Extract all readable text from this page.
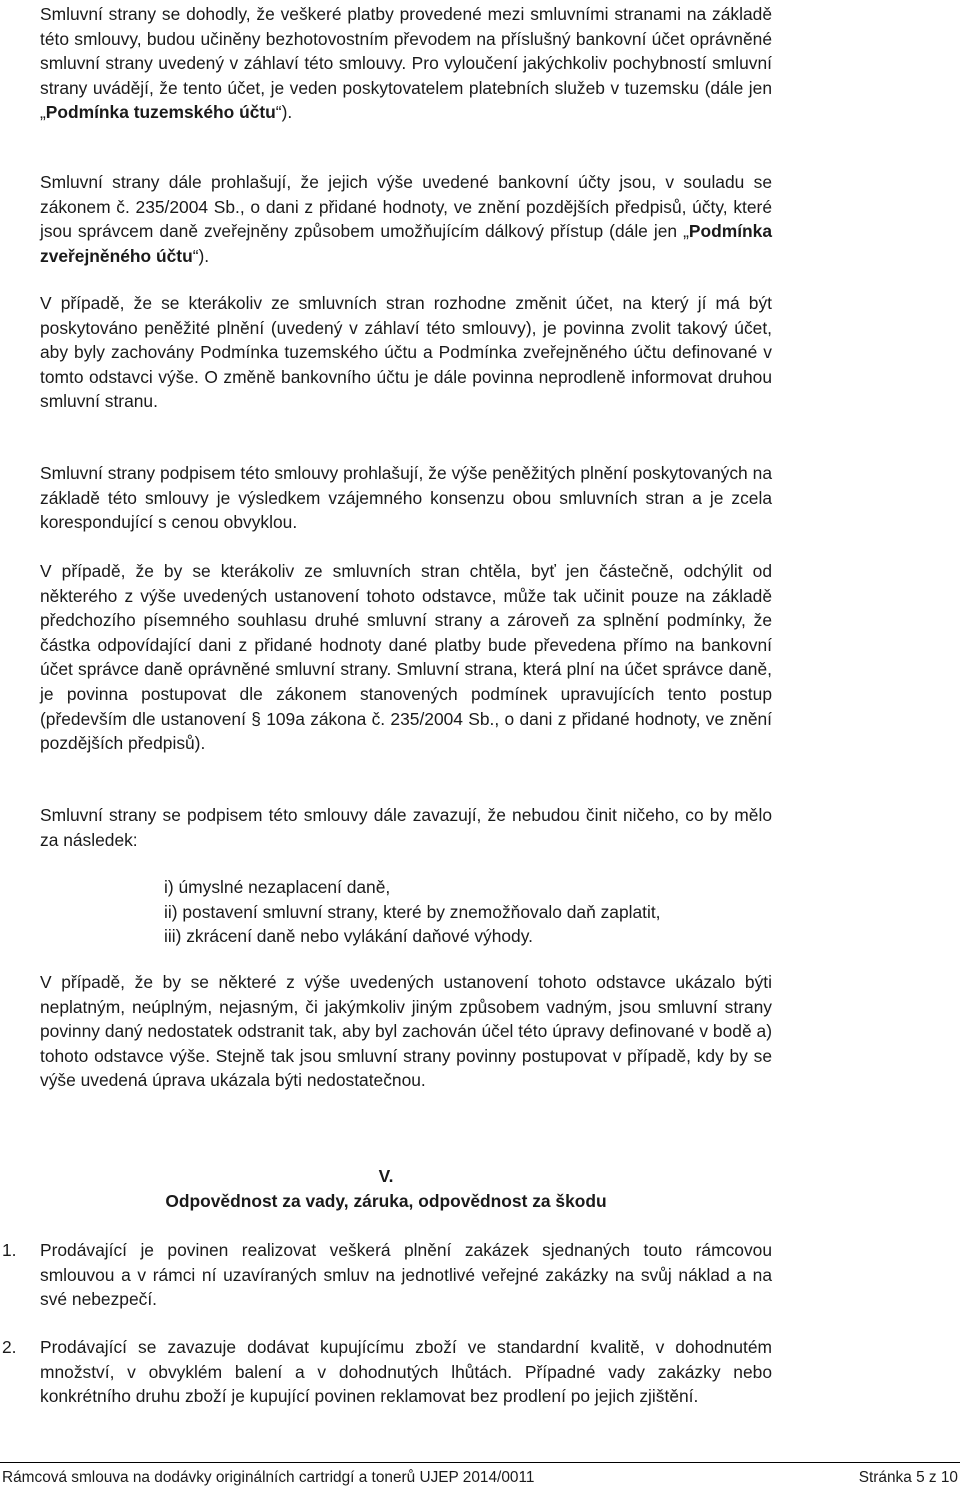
Smluvní strany se dohodly, že veškeré platby provedené mezi smluvními stranami na základě této smlouvy, budou učiněny bezhotovostním převodem na příslušný bankovní účet oprávněné smluvní strany uvedený v záhlaví této smlouvy. Pro vyloučení jakýchkoliv pochybností smluvní strany uvádějí, že tento účet, je veden poskytovatelem platebních služeb v tuzemsku (dále jen „Podmínka tuzemského účtu“).

Smluvní strany dále prohlašují, že jejich výše uvedené bankovní účty jsou, v souladu se zákonem č. 235/2004 Sb., o dani z přidané hodnoty, ve znění pozdějších předpisů, účty, které jsou správcem daně zveřejněny způsobem umožňujícím dálkový přístup (dále jen „Podmínka zveřejněného účtu“).

V případě, že se kterákoliv ze smluvních stran rozhodne změnit účet, na který jí má být poskytováno peněžité plnění (uvedený v záhlaví této smlouvy), je povinna zvolit takový účet, aby byly zachovány Podmínka tuzemského účtu a Podmínka zveřejněného účtu definované v tomto odstavci výše. O změně bankovního účtu je dále povinna neprodleně informovat druhou smluvní stranu.

Smluvní strany podpisem této smlouvy prohlašují, že výše peněžitých plnění poskytovaných na základě této smlouvy je výsledkem vzájemného konsenzu obou smluvních stran a je zcela korespondující s cenou obvyklou.

V případě, že by se kterákoliv ze smluvních stran chtěla, byť jen částečně, odchýlit od některého z výše uvedených ustanovení tohoto odstavce, může tak učinit pouze na základě předchozího písemného souhlasu druhé smluvní strany a zároveň za splnění podmínky, že částka odpovídající dani z přidané hodnoty dané platby bude převedena přímo na bankovní účet správce daně oprávněné smluvní strany. Smluvní strana, která plní na účet správce daně, je povinna postupovat dle zákonem stanovených podmínek upravujících tento postup (především dle ustanovení § 109a zákona č. 235/2004 Sb., o dani z přidané hodnoty, ve znění pozdějších předpisů).

Smluvní strany se podpisem této smlouvy dále zavazují, že nebudou činit ničeho, co by mělo za následek:

i) úmyslné nezaplacení daně,
ii) postavení smluvní strany, které by znemožňovalo daň zaplatit,
iii) zkrácení daně nebo vylákání daňové výhody.

V případě, že by se některé z výše uvedených ustanovení tohoto odstavce ukázalo býti neplatným, neúplným, nejasným, či jakýmkoliv jiným způsobem vadným, jsou smluvní strany povinny daný nedostatek odstranit tak, aby byl zachován účel této úpravy definované v bodě a) tohoto odstavce výše. Stejně tak jsou smluvní strany povinny postupovat v případě, kdy by se výše uvedená úprava ukázala býti nedostatečnou.

V.
Odpovědnost za vady, záruka, odpovědnost za škodu
1. Prodávající je povinen realizovat veškerá plnění zakázek sjednaných touto rámcovou smlouvou a v rámci ní uzavíraných smluv na jednotlivé veřejné zakázky na svůj náklad a na své nebezpečí.

2. Prodávající se zavazuje dodávat kupujícímu zboží ve standardní kvalitě, v dohodnutém množství, v obvyklém balení a v dohodnutých lhůtách. Případné vady zakázky nebo konkrétního druhu zboží je kupující povinen reklamovat bez prodlení po jejich zjištění.

Rámcová smlouva na dodávky originálních cartridgí a tonerů UJEP 2014/0011	Stránka 5 z 10
